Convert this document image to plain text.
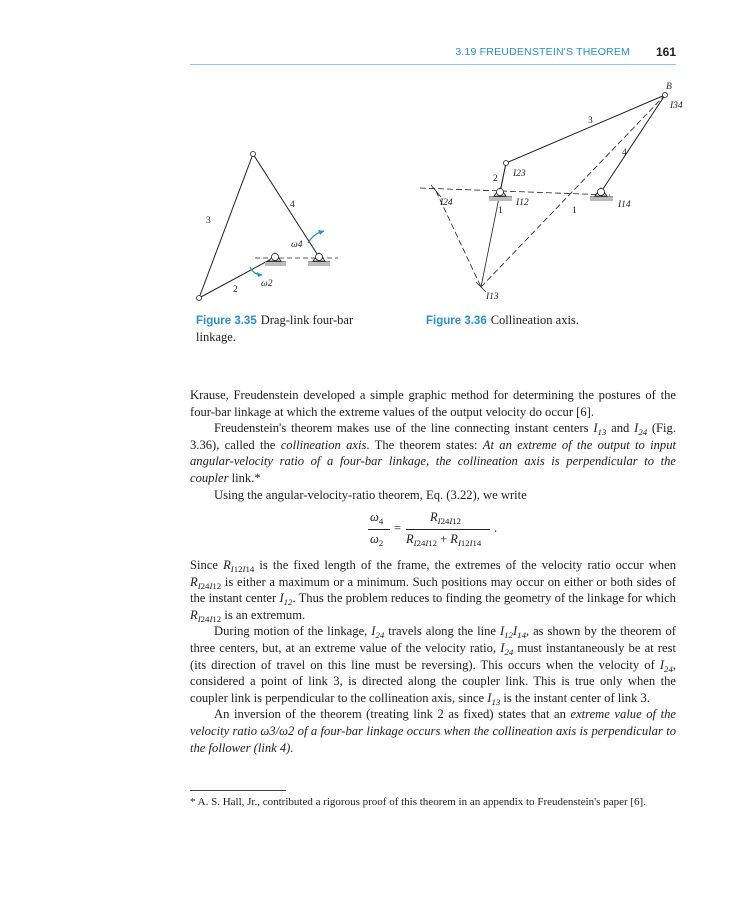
3.19 FREUDENSTEIN'S THEOREM 161
2
3
4
ω2
ω4
Figure 3.35 Drag-link four-bar linkage.
B
I34
I23
I24	I12	I14
I13
1	1
2
3
4
Figure 3.36 Collineation axis.

Krause, Freudenstein developed a simple graphic method for determining the postures of the four-bar linkage at which the extreme values of the output velocity do occur [6].

Freudenstein's theorem makes use of the line connecting instant centers $I_{13}$ and $I_{24}$ (Fig. 3.36), called the collineation axis. The theorem states: At an extreme of the output to input angular-velocity ratio of a four-bar linkage, the collineation axis is perpendicular to the coupler link.*

Using the angular-velocity-ratio theorem, Eq. (3.22), we write

$\omega_4$
$\omega_2$
=
$R_{I24I12}$
$R_{I24I12} + R_{I12I14}$
.

Since $R_{I12I14}$ is the fixed length of the frame, the extremes of the velocity ratio occur when $R_{I24I12}$ is either a maximum or a minimum. Such positions may occur on either or both sides of the instant center $I_{12}$. Thus the problem reduces to finding the geometry of the linkage for which $R_{I24I12}$ is an extremum.

During motion of the linkage, $I_{24}$ travels along the line $I_{12}I_{14}$, as shown by the theorem of three centers, but, at an extreme value of the velocity ratio, $I_{24}$ must instantaneously be at rest (its direction of travel on this line must be reversing). This occurs when the velocity of $I_{24}$, considered a point of link 3, is directed along the coupler link. This is true only when the coupler link is perpendicular to the collineation axis, since $I_{13}$ is the instant center of link 3.

An inversion of the theorem (treating link 2 as fixed) states that an extreme value of the velocity ratio ω3/ω2 of a four-bar linkage occurs when the collineation axis is perpendicular to the follower (link 4).

* A. S. Hall, Jr., contributed a rigorous proof of this theorem in an appendix to Freudenstein's paper [6].
